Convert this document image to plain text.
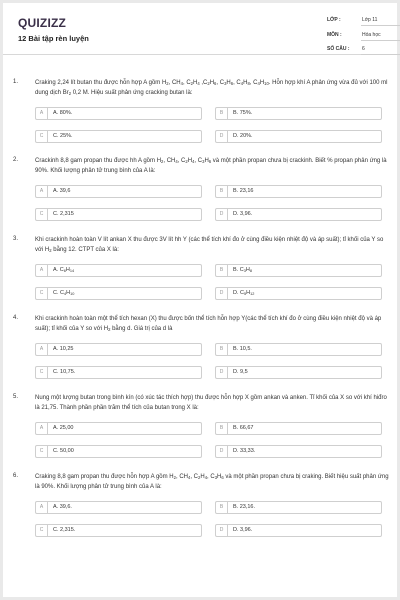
QUIZIZZ
12 Bài tập rèn luyện
LỚP :	Lớp 11
MÔN :	Hóa học
SỐ CÂU :	6
1.	Craking 2,24 lít butan thu được hỗn hợp A gồm $H_2$, $CH_4$, $C_2H_4$ $,C_2H_6$, $C_3H_6$, $C_4H_8$, $C_4H_{10}$. Hỗn hợp khí A phản ứng vừa đủ với 100 ml dung dịch $Br_2$ 0,2 M. Hiệu suất phản ứng cracking butan là:
A	A. 80%.	B	B. 75%.
C	C. 25%.	D	D. 20%.
2.	Crackinh 8,8 gam propan thu được hh A gồm $H_2$, $CH_4$, $C_2H_4$, $C_3H_6$ và một phần propan chưa bị crackinh. Biết % propan phản ứng là 90%. Khối lượng phân tử trung bình của A là:
A	A. 39,6	B	B. 23,16
C	C. 2,315	D	D. 3,96.
3.	Khi crackinh hoàn toàn V lít ankan X thu được 3V lít hh Y (các thể tích khí đo ở cùng điều kiện nhiệt độ và áp suất); tỉ khối của Y so với $H_2$ bằng 12. CTPT của X là:
A	A. $C_6H_{14}$	B	B. $C_3H_8$
C	C. $C_4H_{10}$	D	D. $C_5H_{12}$
4.	Khi crackinh hoàn toàn một thể tích hexan (X) thu được bốn thể tích hỗn hợp Y(các thể tích khí đo ở cùng điều kiện nhiệt độ và áp suất); tỉ khối của Y so với $H_2$ bằng d. Giá trị của d là
A	A. 10,25	B	B. 10,5.
C	C. 10,75.	D	D. 9,5
5.	Nung một lượng butan trong bình kín (có xúc tác thích hợp) thu được hỗn hợp X gồm ankan và anken. Tỉ khối của X so với khí hiđro là 21,75. Thành phần phần trăm thể tích của butan trong X là:
A	A. 25,00	B	B. 66,67
C	C. 50,00	D	D. 33,33.
6.	Craking 8,8 gam propan thu được hỗn hợp A gồm $H_2$, $CH_4$, $C_2H_4$, $C_3H_6$ và một phần propan chưa bị craking. Biết hiệu suất phản ứng là 90%. Khối lượng phân tử trung bình của A là:
A	A. 39,6.	B	B. 23,16.
C	C. 2,315.	D	D. 3,96.
